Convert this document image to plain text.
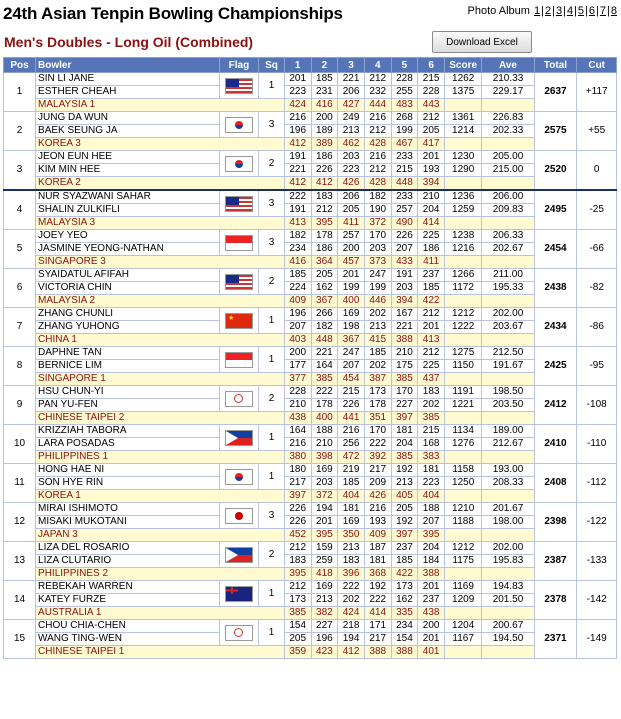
24th Asian Tenpin Bowling Championships	Photo Album 1|2|3|4|5|6|7|8
Men's Doubles - Long Oil (Combined)	Download Excel
Pos	Bowler	Flag	Sq	1	2	3	4	5	6	Score	Ave	Total	Cut
1	SIN LI JANE		1	201	185	221	212	228	215	1262	210.33	2637	+117
	ESTHER CHEAH			223	231	206	232	255	228	1375	229.17		
	MALAYSIA 1			424	416	427	444	483	443				
2	JUNG DA WUN		3	216	200	249	216	268	212	1361	226.83	2575	+55
	BAEK SEUNG JA			196	189	213	212	199	205	1214	202.33		
	KOREA 3			412	389	462	428	467	417				
3	JEON EUN HEE		2	191	186	203	216	233	201	1230	205.00	2520	0
	KIM MIN HEE			221	226	223	212	215	193	1290	215.00		
	KOREA 2			412	412	426	428	448	394				
4	NUR SYAZWANI SAHAR		3	222	183	206	182	233	210	1236	206.00	2495	-25
	SHALIN ZULKIFLI			191	212	205	190	257	204	1259	209.83		
	MALAYSIA 3			413	395	411	372	490	414				
5	JOEY YEO		3	182	178	257	170	226	225	1238	206.33	2454	-66
	JASMINE YEONG-NATHAN			234	186	200	203	207	186	1216	202.67		
	SINGAPORE 3			416	364	457	373	433	411				
6	SYAIDATUL AFIFAH		2	185	205	201	247	191	237	1266	211.00	2438	-82
	VICTORIA CHIN			224	162	199	199	203	185	1172	195.33		
	MALAYSIA 2			409	367	400	446	394	422				
7	ZHANG CHUNLI	★	1	196	266	169	202	167	212	1212	202.00	2434	-86
	ZHANG YUHONG			207	182	198	213	221	201	1222	203.67		
	CHINA 1			403	448	367	415	388	413				
8	DAPHNE TAN		1	200	221	247	185	210	212	1275	212.50	2425	-95
	BERNICE LIM			177	164	207	202	175	225	1150	191.67		
	SINGAPORE 1			377	385	454	387	385	437				
9	HSU CHUN-YI		2	228	222	215	173	170	183	1191	198.50	2412	-108
	PAN YU-FEN			210	178	226	178	227	202	1221	203.50		
	CHINESE TAIPEI 2			438	400	441	351	397	385				
10	KRIZZIAH TABORA		1	164	188	216	170	181	215	1134	189.00	2410	-110
	LARA POSADAS			216	210	256	222	204	168	1276	212.67		
	PHILIPPINES 1			380	398	472	392	385	383				
11	HONG HAE NI		1	180	169	219	217	192	181	1158	193.00	2408	-112
	SON HYE RIN			217	203	185	209	213	223	1250	208.33		
	KOREA 1			397	372	404	426	405	404				
12	MIRAI ISHIMOTO		3	226	194	181	216	205	188	1210	201.67	2398	-122
	MISAKI MUKOTANI			226	201	169	193	192	207	1188	198.00		
	JAPAN 3			452	395	350	409	397	395				
13	LIZA DEL ROSARIO		2	212	159	213	187	237	204	1212	202.00	2387	-133
	LIZA CLUTARIO			183	259	183	181	185	184	1175	195.83		
	PHILIPPINES 2			395	418	396	368	422	388				
14	REBEKAH WARREN		1	212	169	222	192	173	201	1169	194.83	2378	-142
	KATEY FURZE			173	213	202	222	162	237	1209	201.50		
	AUSTRALIA 1			385	382	424	414	335	438				
15	CHOU CHIA-CHEN		1	154	227	218	171	234	200	1204	200.67	2371	-149
	WANG TING-WEN			205	196	194	217	154	201	1167	194.50		
	CHINESE TAIPEI 1			359	423	412	388	388	401				
